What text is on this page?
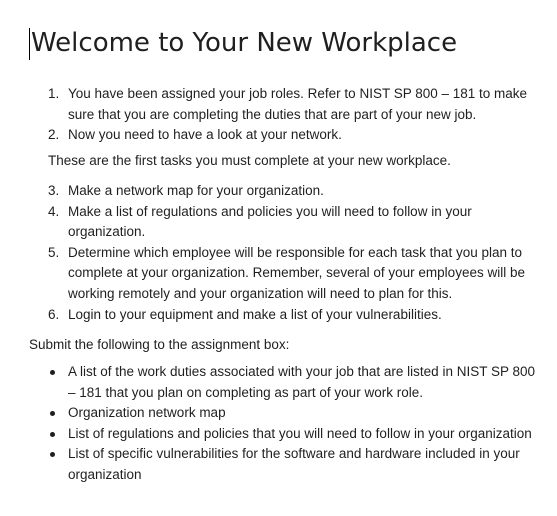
Welcome to Your New Workplace
1. You have been assigned your job roles. Refer to NIST SP 800 – 181 to make sure that you are completing the duties that are part of your new job.
2. Now you need to have a look at your network.

These are the first tasks you must complete at your new workplace.

3. Make a network map for your organization.
4. Make a list of regulations and policies you will need to follow in your organization.
5. Determine which employee will be responsible for each task that you plan to complete at your organization. Remember, several of your employees will be working remotely and your organization will need to plan for this.
6. Login to your equipment and make a list of your vulnerabilities.

Submit the following to the assignment box:

A list of the work duties associated with your job that are listed in NIST SP 800 – 181 that you plan on completing as part of your work role.
Organization network map
List of regulations and policies that you will need to follow in your organization
List of specific vulnerabilities for the software and hardware included in your organization
